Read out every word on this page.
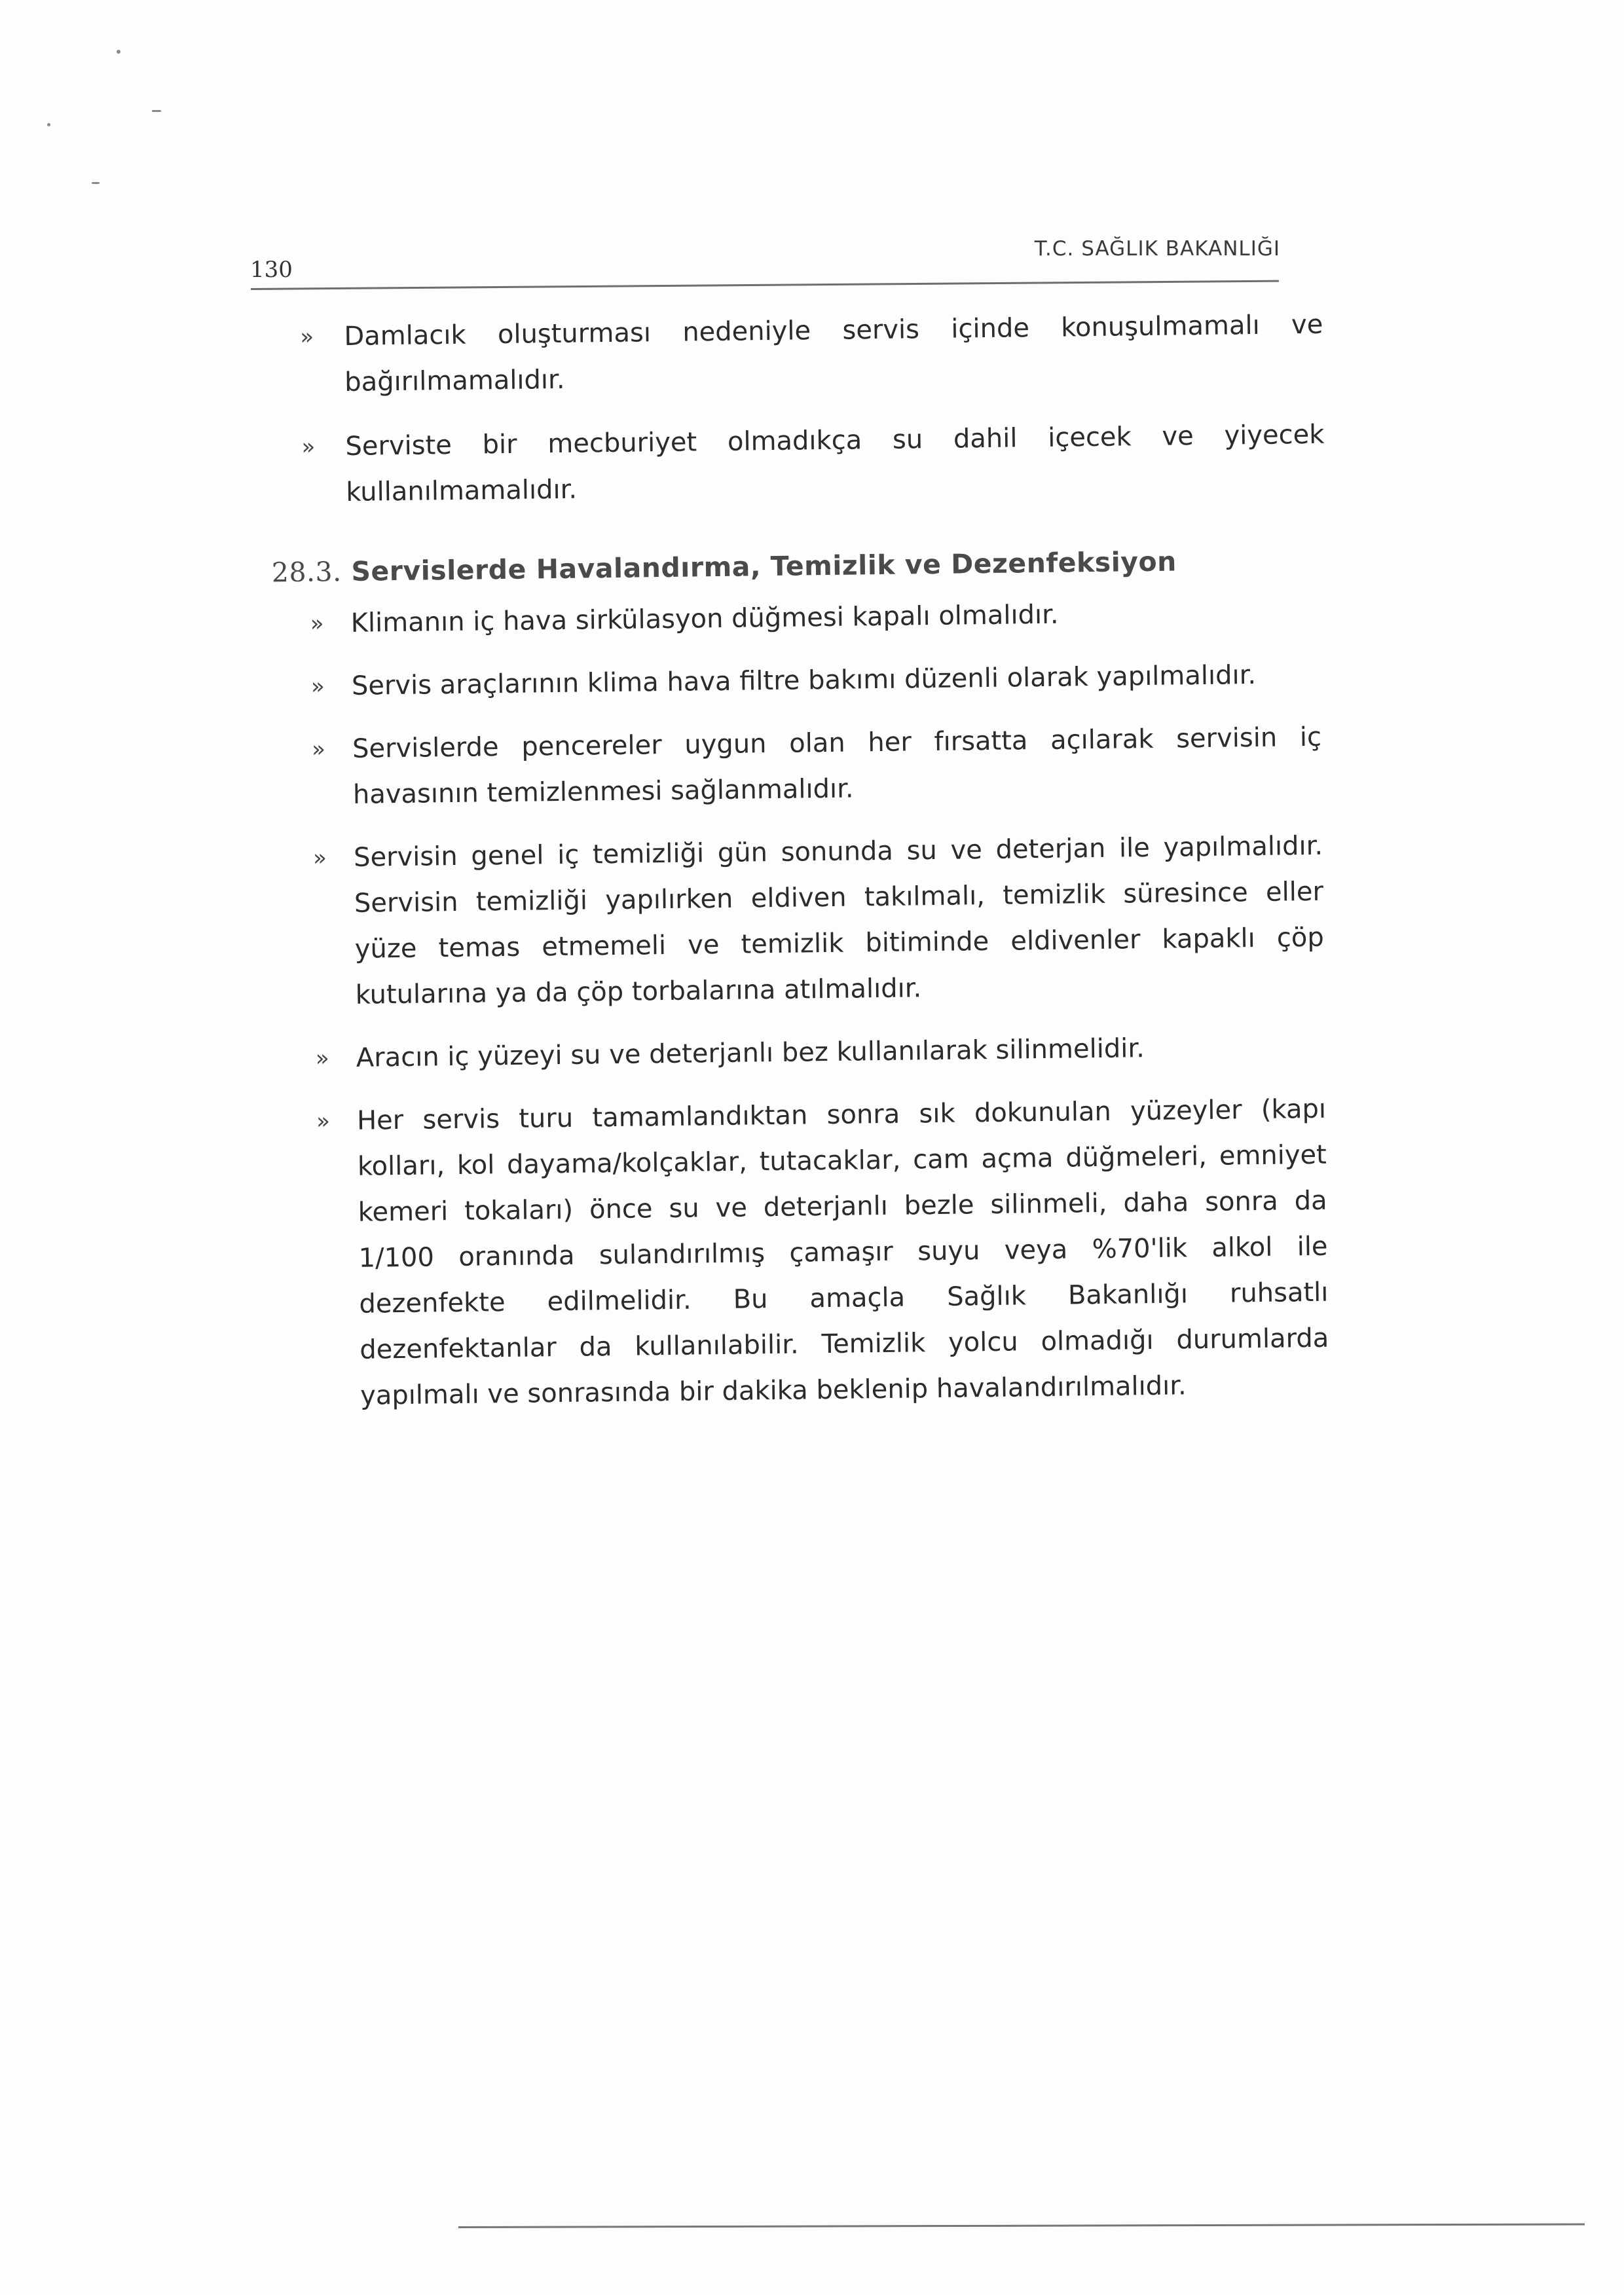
130
T.C. SAĞLIK BAKANLIĞI
» Damlacık oluşturması nedeniyle servis içinde konuşulmamalı ve bağırılmamalıdır.
» Serviste bir mecburiyet olmadıkça su dahil içecek ve yiyecek kullanılmamalıdır.
28.3. Servislerde Havalandırma, Temizlik ve Dezenfeksiyon
» Klimanın iç hava sirkülasyon düğmesi kapalı olmalıdır.
» Servis araçlarının klima hava filtre bakımı düzenli olarak yapılmalıdır.
» Servislerde pencereler uygun olan her fırsatta açılarak servisin iç havasının temizlenmesi sağlanmalıdır.
» Servisin genel iç temizliği gün sonunda su ve deterjan ile yapılmalıdır. Servisin temizliği yapılırken eldiven takılmalı, temizlik süresince eller yüze temas etmemeli ve temizlik bitiminde eldivenler kapaklı çöp kutularına ya da çöp torbalarına atılmalıdır.
» Aracın iç yüzeyi su ve deterjanlı bez kullanılarak silinmelidir.
» Her servis turu tamamlandıktan sonra sık dokunulan yüzeyler (kapı kolları, kol dayama/kolçaklar, tutacaklar, cam açma düğmeleri, emniyet kemeri tokaları) önce su ve deterjanlı bezle silinmeli, daha sonra da 1/100 oranında sulandırılmış çamaşır suyu veya %70'lik alkol ile dezenfekte edilmelidir. Bu amaçla Sağlık Bakanlığı ruhsatlı dezenfektanlar da kullanılabilir. Temizlik yolcu olmadığı durumlarda yapılmalı ve sonrasında bir dakika beklenip havalandırılmalıdır.
